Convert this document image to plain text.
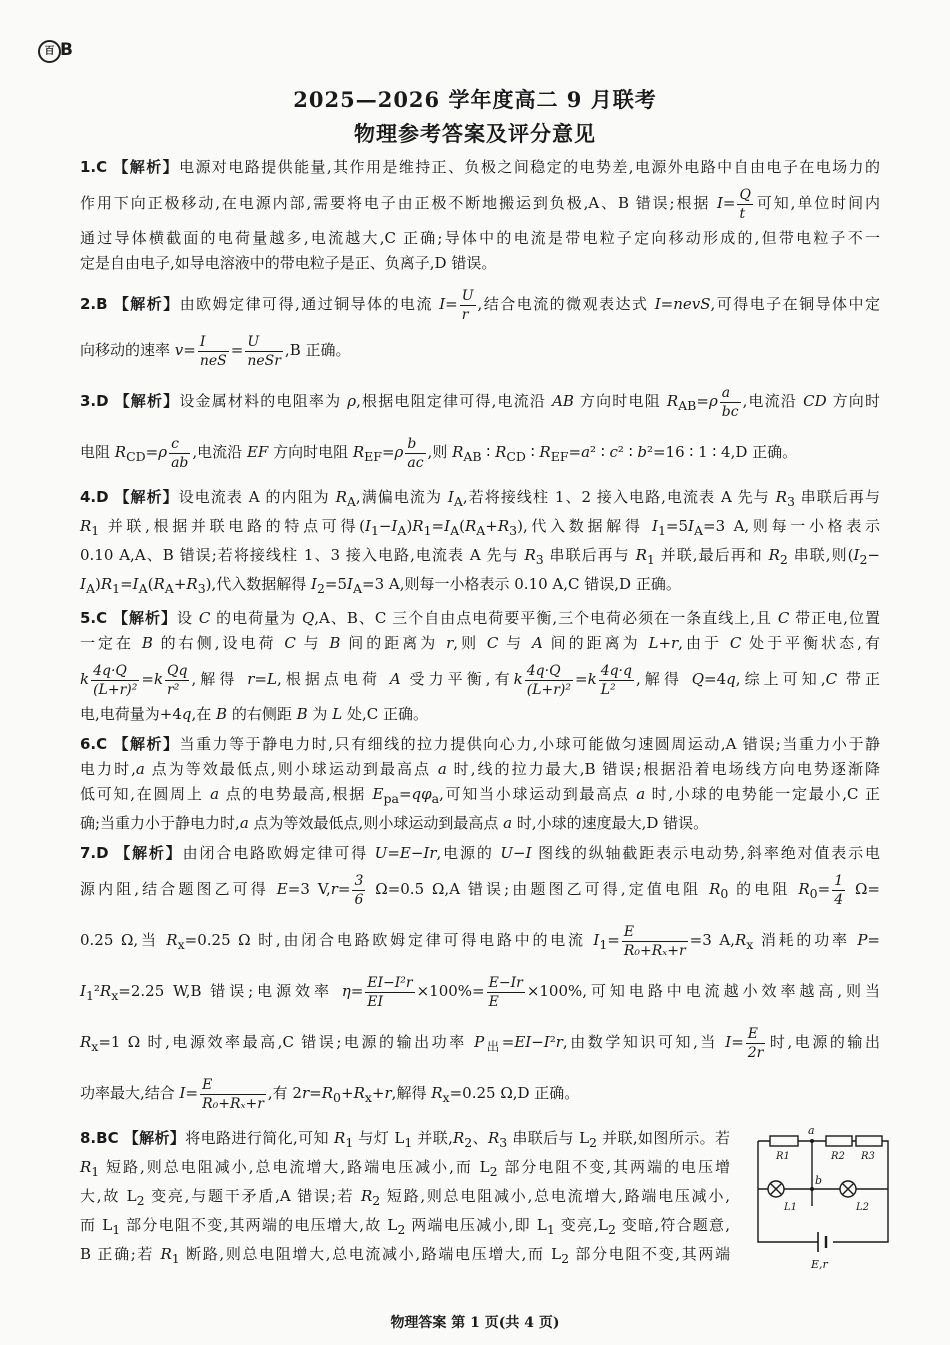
百 B
2025—2026 学年度高二 9 月联考
物理参考答案及评分意见
1.C 【解析】电源对电路提供能量,其作用是维持正、负极之间稳定的电势差,电源外电路中自由电子在电场力的
作用下向正极移动,在电源内部,需要将电子由正极不断地搬运到负极,A、B 错误;根据 $I= \frac{Q}{t}$ 可知,单位时间内
通过导体横截面的电荷量越多,电流越大,C 正确;导体中的电流是带电粒子定向移动形成的,但带电粒子不一
定是自由电子,如导电溶液中的带电粒子是正、负离子,D 错误。
2.B 【解析】由欧姆定律可得,通过铜导体的电流 $I= \frac{U}{r}$ ,结合电流的微观表达式 I=nevS,可得电子在铜导体中定
向移动的速率 $v= \frac{I}{\text{neS}} = \frac{U}{\text{neSr}} ,B$ 正确。
3.D 【解析】设金属材料的电阻率为 ρ,根据电阻定律可得,电流沿 AB 方向时电阻 $R_{AB}=\rho \frac{a}{bc}$ ,电流沿 CD 方向时
电阻 $R_{CD}=\rho \frac{c}{ab}$ ,电流沿 EF 方向时电阻 $R_{EF}=\rho \frac{b}{ac}$ ,则 $R_{AB}$ ∶ $R_{CD}$ ∶ $R_{EF}=a^2$ ∶ c² ∶ b²=16 ∶ 1 ∶ 4,D 正确。
4.D 【解析】设电流表 A 的内阻为 $R_A$,满偏电流为 $I_A$,若将接线柱 1、2 接入电路,电流表 A 先与 $R_3$ 串联后再与
$R_1$ 并联,根据并联电路的特点可得$(I_1-I_A)R_1=I_A(R_A+R_3)$,代入数据解得 $I_1=5I_A=3$ A,则每一小格表示
0.10 A,A、B 错误;若将接线柱 1、3 接入电路,电流表 A 先与 $R_3$ 串联后再与 $R_1$ 并联,最后再和 $R_2$ 串联,则($I_2-$
$I_A)R_1=I_A(R_A+R_3)$,代入数据解得 $I_2=5I_A=3$ A,则每一小格表示 0.10 A,C 错误,D 正确。
5.C 【解析】设 C 的电荷量为 Q,A、B、C 三个自由点电荷要平衡,三个电荷必须在一条直线上,且 C 带正电,位置
一定在 B 的右侧,设电荷 C 与 B 间的距离为 r,则 C 与 A 间的距离为 L+r,由于 C 处于平衡状态,有
k $\frac{4q\cdot Q}{\text{(L+r)²}} =k \frac{Qq}{\text{r²}}$ ,解得 r=L,根据点电荷 A 受力平衡,有k $\frac{4q\cdot Q}{\text{(L+r)²}} =k \frac{4q\cdot q}{\text{L²}}$ ,解得 Q=4q,综上可知,C 带正
电,电荷量为+4q,在 B 的右侧距 B 为 L 处,C 正确。
6.C 【解析】当重力等于静电力时,只有细线的拉力提供向心力,小球可能做匀速圆周运动,A 错误;当重力小于静
电力时,a 点为等效最低点,则小球运动到最高点 a 时,线的拉力最大,B 错误;根据沿着电场线方向电势逐渐降
低可知,在圆周上 a 点的电势最高,根据 $E_{pa}=q\varphi_a$,可知当小球运动到最高点 a 时,小球的电势能一定最小,C 正
确;当重力小于静电力时,a 点为等效最低点,则小球运动到最高点 a 时,小球的速度最大,D 错误。
7.D 【解析】由闭合电路欧姆定律可得 U=E−Ir,电源的 U−I 图线的纵轴截距表示电动势,斜率绝对值表示电
源内阻,结合题图乙可得 E=3 $V,r= \frac{3}{6} \Omega=0.5$ Ω,A 错误;由题图乙可得,定值电阻 $R_0$ 的电阻 $R_0= \frac{1}{4} \Omega=$
0.25 Ω,当 $R_x=0.25$ Ω 时,由闭合电路欧姆定律可得电路中的电流 $I_1= \frac{E}{\text{R₀+Rₓ+r}} =3$ $A,R_x$ 消耗的功率 P=
$I_1^2R_x=2.25$ W,B 错误;电源效率 $\eta= \frac{\text{EI−I²r}}{EI} \times 100\%= \frac{E-Ir}{E} \times 100\%$,可知电路中电流越小效率越高,则当
$R_x=1$ Ω 时,电源效率最高,C 错误;电源的输出功率 $P_出=EI-I^2r$,由数学知识可知,当 $I= \frac{E}{2r}$ 时,电源的输出
功率最大,结合 $I= \frac{E}{\text{R₀+Rₓ+r}}$ ,有 $2r=R_0+R_x+r$,解得 $R_x=0.25$ Ω,D 正确。
8.BC 【解析】将电路进行简化,可知 $R_1$ 与灯 $L_1$ 并联$,R_2$、$R_3$ 串联后与 $L_2$ 并联,如图所示。若
$R_1$ 短路,则总电阻减小,总电流增大,路端电压减小,而 $L_2$ 部分电阻不变,其两端的电压增
大,故 $L_2$ 变亮,与题干矛盾,A 错误;若 $R_2$ 短路,则总电阻减小,总电流增大,路端电压减小,
而 $L_1$ 部分电阻不变,其两端的电压增大,故 $L_2$ 两端电压减小,即 $L_1$ 变亮$,L_2$ 变暗,符合题意,
B 正确;若 $R_1$ 断路,则总电阻增大,总电流减小,路端电压增大,而 $L_2$ 部分电阻不变,其两端
a
b
R1	R2 R3
L1	L2
E,r
物理答案 第 1 页(共 4 页)
